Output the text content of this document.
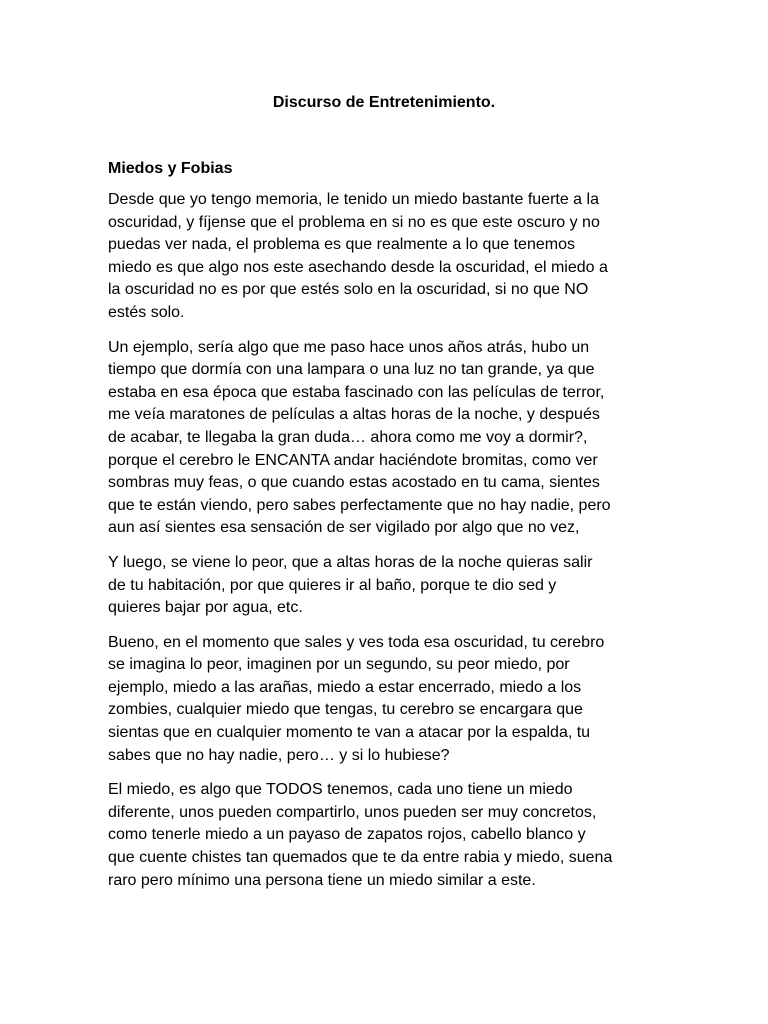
Discurso de Entretenimiento.
Miedos y Fobias

Desde que yo tengo memoria, le tenido un miedo bastante fuerte a la
oscuridad, y fíjense que el problema en si no es que este oscuro y no
puedas ver nada, el problema es que realmente a lo que tenemos
miedo es que algo nos este asechando desde la oscuridad, el miedo a
la oscuridad no es por que estés solo en la oscuridad, si no que NO
estés solo.

Un ejemplo, sería algo que me paso hace unos años atrás, hubo un
tiempo que dormía con una lampara o una luz no tan grande, ya que
estaba en esa época que estaba fascinado con las películas de terror,
me veía maratones de películas a altas horas de la noche, y después
de acabar, te llegaba la gran duda… ahora como me voy a dormir?,
porque el cerebro le ENCANTA andar haciéndote bromitas, como ver
sombras muy feas, o que cuando estas acostado en tu cama, sientes
que te están viendo, pero sabes perfectamente que no hay nadie, pero
aun así sientes esa sensación de ser vigilado por algo que no vez,

Y luego, se viene lo peor, que a altas horas de la noche quieras salir
de tu habitación, por que quieres ir al baño, porque te dio sed y
quieres bajar por agua, etc.

Bueno, en el momento que sales y ves toda esa oscuridad, tu cerebro
se imagina lo peor, imaginen por un segundo, su peor miedo, por
ejemplo, miedo a las arañas, miedo a estar encerrado, miedo a los
zombies, cualquier miedo que tengas, tu cerebro se encargara que
sientas que en cualquier momento te van a atacar por la espalda, tu
sabes que no hay nadie, pero… y si lo hubiese?

El miedo, es algo que TODOS tenemos, cada uno tiene un miedo
diferente, unos pueden compartirlo, unos pueden ser muy concretos,
como tenerle miedo a un payaso de zapatos rojos, cabello blanco y
que cuente chistes tan quemados que te da entre rabia y miedo, suena
raro pero mínimo una persona tiene un miedo similar a este.
